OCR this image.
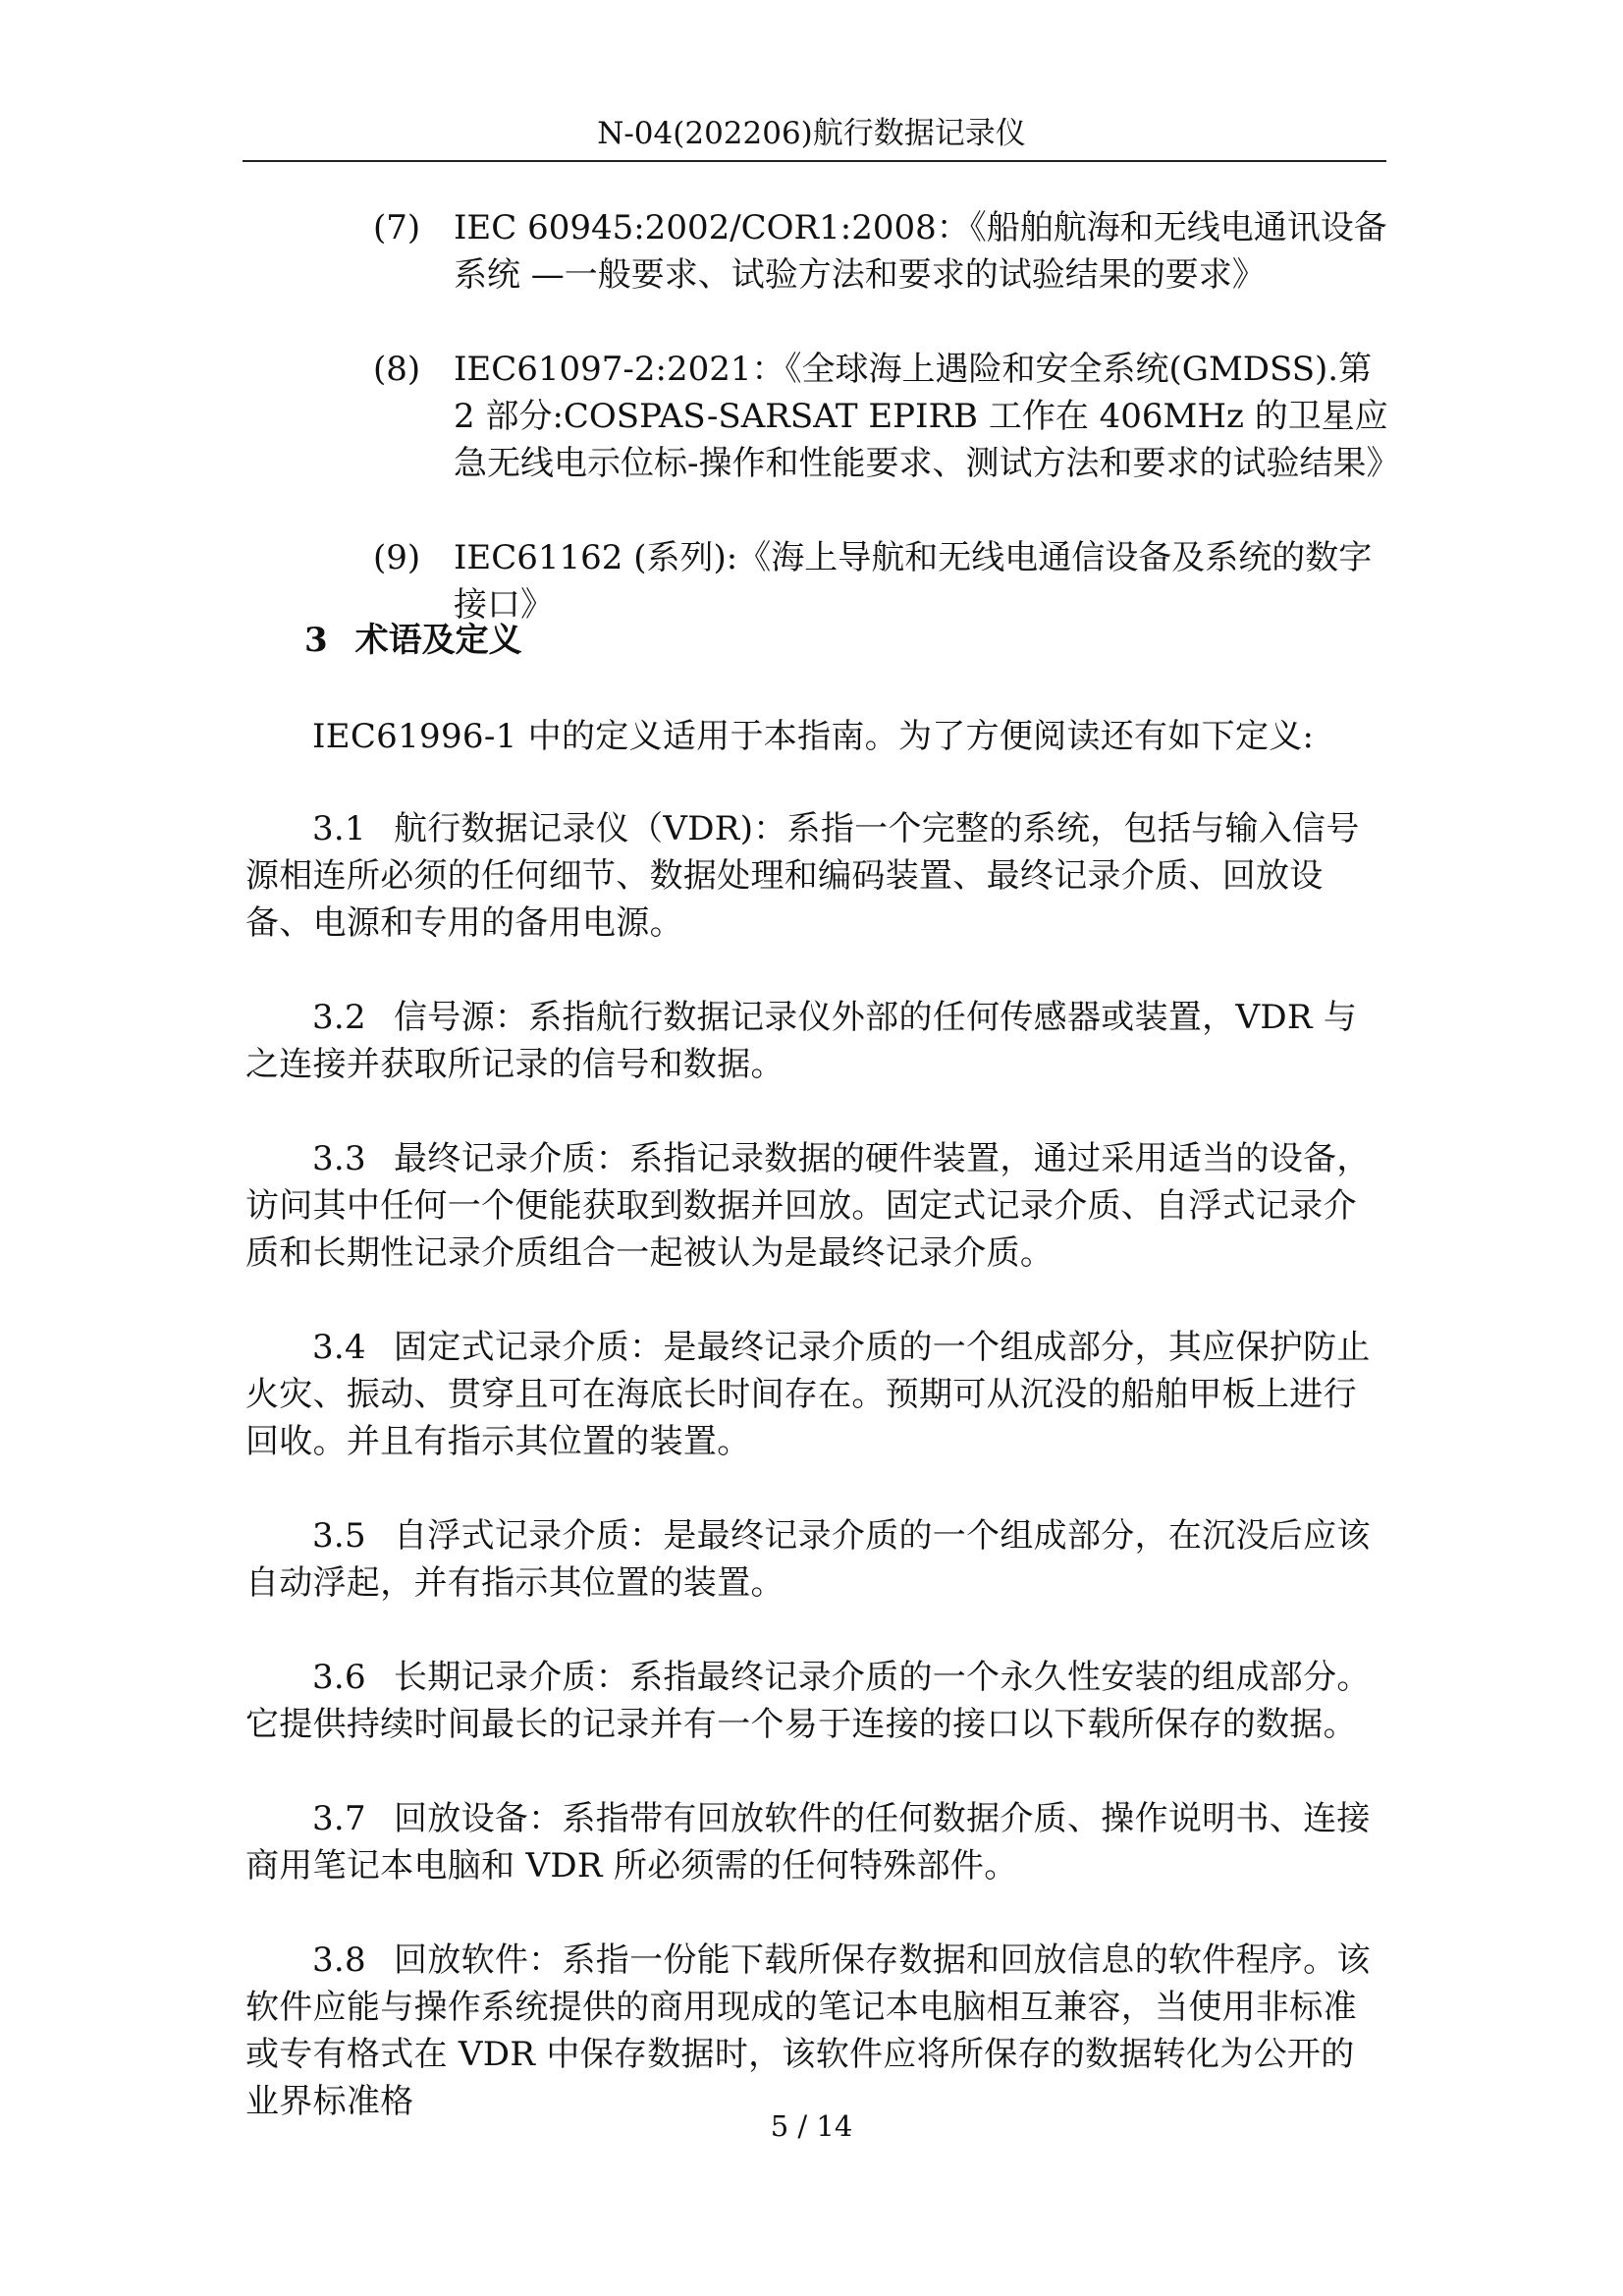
N-04(202206)航行数据记录仪
(7) IEC 60945:2002/COR1:2008：《船舶航海和无线电通讯设备系统 —一般要求、试验方法和要求的试验结果的要求》
(8) IEC61097-2:2021：《全球海上遇险和安全系统(GMDSS).第 2 部分:COSPAS-SARSAT EPIRB 工作在 406MHz 的卫星应急无线电示位标-操作和性能要求、测试方法和要求的试验结果》
(9) IEC61162 (系列):《海上导航和无线电通信设备及系统的数字接口》
3 术语及定义
IEC61996-1 中的定义适用于本指南。为了方便阅读还有如下定义:
3.1 航行数据记录仪（VDR)：系指一个完整的系统，包括与输入信号源相连所必须的任何细节、数据处理和编码装置、最终记录介质、回放设备、电源和专用的备用电源。
3.2 信号源：系指航行数据记录仪外部的任何传感器或装置，VDR 与之连接并获取所记录的信号和数据。
3.3 最终记录介质：系指记录数据的硬件装置，通过采用适当的设备，访问其中任何一个便能获取到数据并回放。固定式记录介质、自浮式记录介质和长期性记录介质组合一起被认为是最终记录介质。
3.4 固定式记录介质：是最终记录介质的一个组成部分，其应保护防止火灾、振动、贯穿且可在海底长时间存在。预期可从沉没的船舶甲板上进行回收。并且有指示其位置的装置。
3.5 自浮式记录介质：是最终记录介质的一个组成部分，在沉没后应该自动浮起，并有指示其位置的装置。
3.6 长期记录介质：系指最终记录介质的一个永久性安装的组成部分。它提供持续时间最长的记录并有一个易于连接的接口以下载所保存的数据。
3.7 回放设备：系指带有回放软件的任何数据介质、操作说明书、连接商用笔记本电脑和 VDR 所必须需的任何特殊部件。
3.8 回放软件：系指一份能下载所保存数据和回放信息的软件程序。该软件应能与操作系统提供的商用现成的笔记本电脑相互兼容，当使用非标准或专有格式在 VDR 中保存数据时，该软件应将所保存的数据转化为公开的业界标准格
5 / 14
